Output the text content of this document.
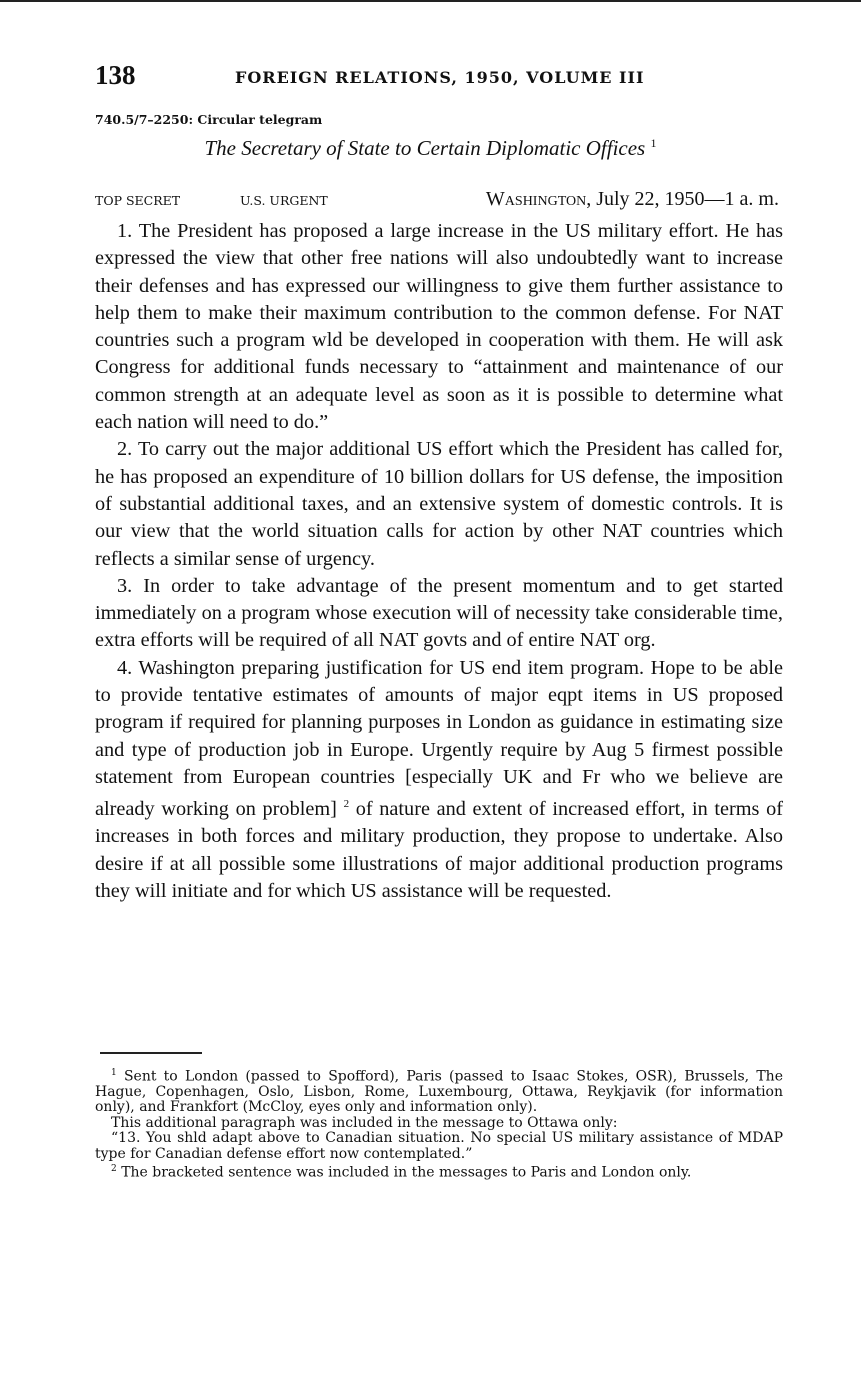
138	FOREIGN RELATIONS, 1950, VOLUME III
740.5/7–2250: Circular telegram
The Secretary of State to Certain Diplomatic Offices $^1$
TOP SECRET	U.S. URGENT	Washington, July 22, 1950—1 a. m.

1. The President has proposed a large increase in the US military effort. He has expressed the view that other free nations will also undoubtedly want to increase their defenses and has expressed our willingness to give them further assistance to help them to make their maximum contribution to the common defense. For NAT countries such a program wld be developed in cooperation with them. He will ask Congress for additional funds necessary to “attainment and maintenance of our common strength at an adequate level as soon as it is possible to determine what each nation will need to do.”

2. To carry out the major additional US effort which the President has called for, he has proposed an expenditure of 10 billion dollars for US defense, the imposition of substantial additional taxes, and an extensive system of domestic controls. It is our view that the world situation calls for action by other NAT countries which reflects a similar sense of urgency.

3. In order to take advantage of the present momentum and to get started immediately on a program whose execution will of necessity take considerable time, extra efforts will be required of all NAT govts and of entire NAT org.

4. Washington preparing justification for US end item program. Hope to be able to provide tentative estimates of amounts of major eqpt items in US proposed program if required for planning purposes in London as guidance in estimating size and type of production job in Europe. Urgently require by Aug 5 firmest possible statement from European countries [especially UK and Fr who we believe are already working on problem] $^2$ of nature and extent of increased effort, in terms of increases in both forces and military production, they propose to undertake. Also desire if at all possible some illustrations of major additional production programs they will initiate and for which US assistance will be requested.

$^1$ Sent to London (passed to Spofford), Paris (passed to Isaac Stokes, OSR), Brussels, The Hague, Copenhagen, Oslo, Lisbon, Rome, Luxembourg, Ottawa, Reykjavik (for information only), and Frankfort (McCloy, eyes only and information only).

This additional paragraph was included in the message to Ottawa only:

“13. You shld adapt above to Canadian situation. No special US military assistance of MDAP type for Canadian defense effort now contemplated.”

$^2$ The bracketed sentence was included in the messages to Paris and London only.
